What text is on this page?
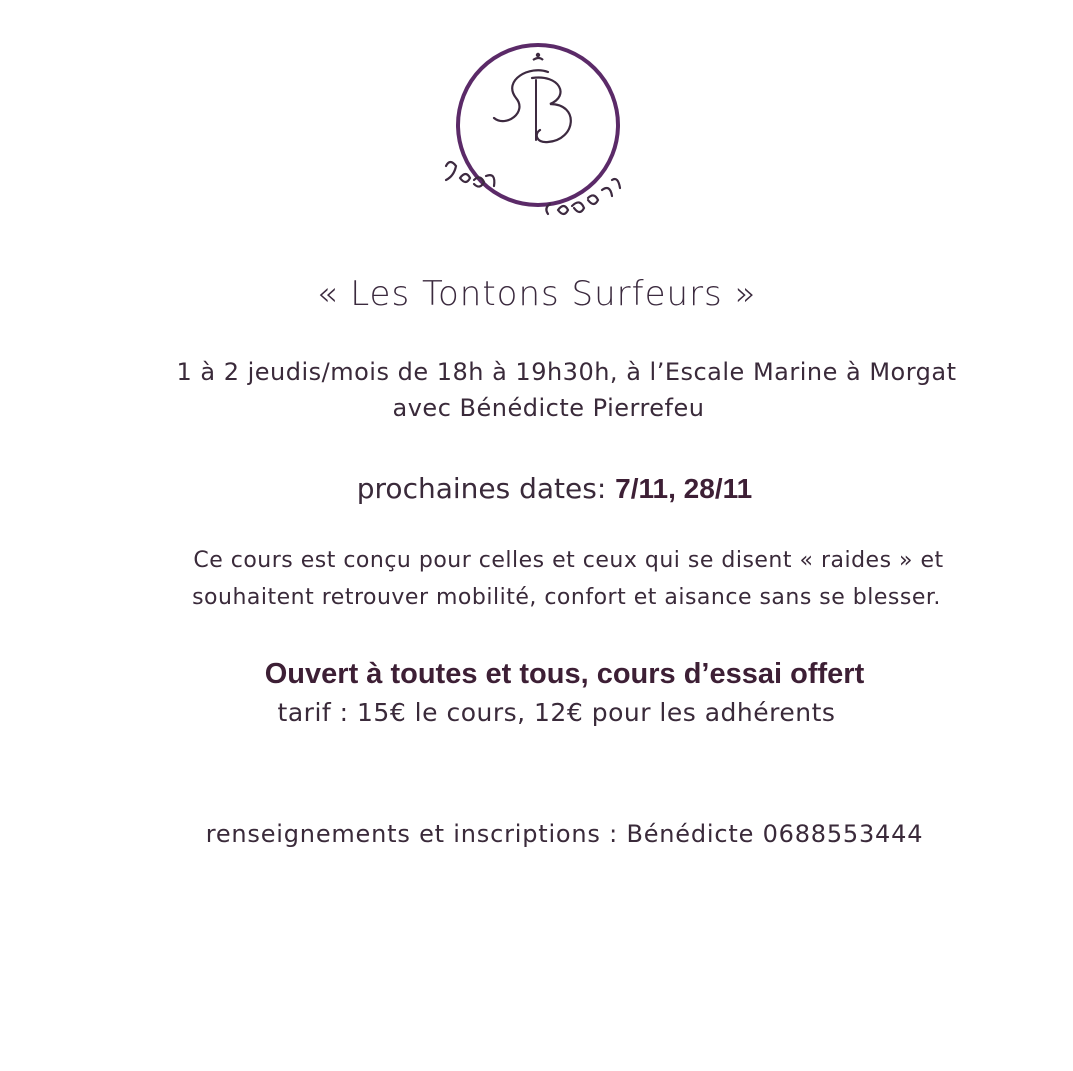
« Les Tontons Surfeurs »

1 à 2 jeudis/mois de 18h à 19h30h, à l’Escale Marine à Morgat

avec Bénédicte Pierrefeu

prochaines dates: 7/11, 28/11

Ce cours est conçu pour celles et ceux qui se disent « raides » et

souhaitent retrouver mobilité, confort et aisance sans se blesser.

Ouvert à toutes et tous, cours d’essai offert

tarif : 15€ le cours, 12€ pour les adhérents

renseignements et inscriptions : Bénédicte 0688553444
